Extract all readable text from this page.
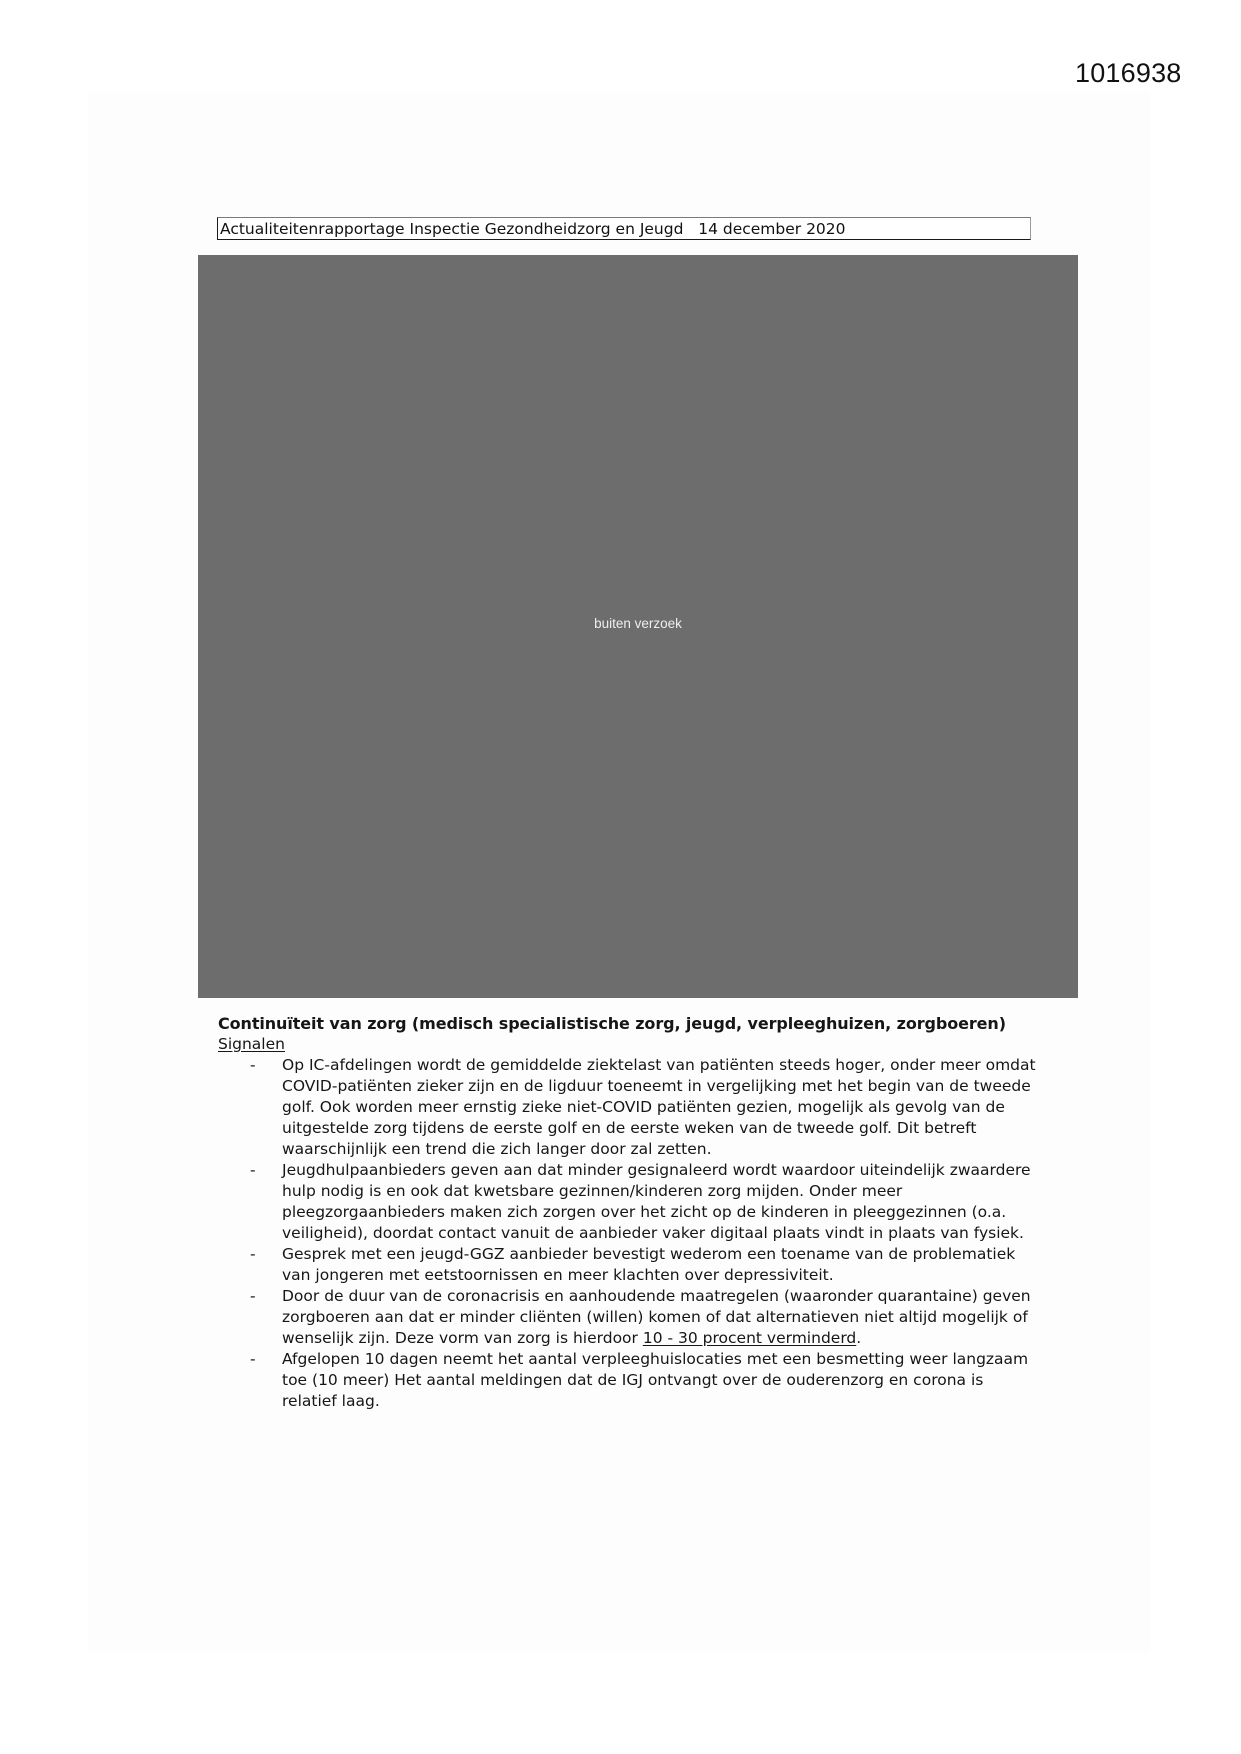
1016938
Actualiteitenrapportage Inspectie Gezondheidzorg en Jeugd 14 december 2020
buiten verzoek
Continuïteit van zorg (medisch specialistische zorg, jeugd, verpleeghuizen, zorgboeren)
Signalen
- Op IC-afdelingen wordt de gemiddelde ziektelast van patiënten steeds hoger, onder meer omdat COVID-patiënten zieker zijn en de ligduur toeneemt in vergelijking met het begin van de tweede golf. Ook worden meer ernstig zieke niet-COVID patiënten gezien, mogelijk als gevolg van de uitgestelde zorg tijdens de eerste golf en de eerste weken van de tweede golf. Dit betreft waarschijnlijk een trend die zich langer door zal zetten.
- Jeugdhulpaanbieders geven aan dat minder gesignaleerd wordt waardoor uiteindelijk zwaardere hulp nodig is en ook dat kwetsbare gezinnen/kinderen zorg mijden. Onder meer pleegzorgaanbieders maken zich zorgen over het zicht op de kinderen in pleeggezinnen (o.a. veiligheid), doordat contact vanuit de aanbieder vaker digitaal plaats vindt in plaats van fysiek.
- Gesprek met een jeugd-GGZ aanbieder bevestigt wederom een toename van de problematiek van jongeren met eetstoornissen en meer klachten over depressiviteit.
- Door de duur van de coronacrisis en aanhoudende maatregelen (waaronder quarantaine) geven zorgboeren aan dat er minder cliënten (willen) komen of dat alternatieven niet altijd mogelijk of wenselijk zijn. Deze vorm van zorg is hierdoor 10 - 30 procent verminderd.
- Afgelopen 10 dagen neemt het aantal verpleeghuislocaties met een besmetting weer langzaam toe (10 meer) Het aantal meldingen dat de IGJ ontvangt over de ouderenzorg en corona is relatief laag.
